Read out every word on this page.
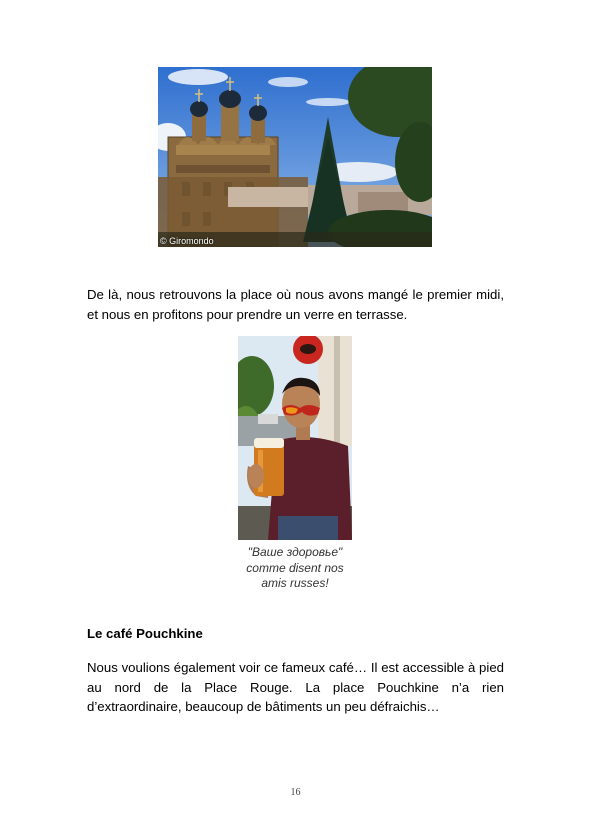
© Giromondo

De là, nous retrouvons la place où nous avons mangé le premier midi, et nous en profitons pour prendre un verre en terrasse.

"Ваше здоровье"
comme disent nos
amis russes!

Le café Pouchkine

Nous voulions également voir ce fameux café… Il est accessible à pied au nord de la Place Rouge. La place Pouchkine n’a rien d’extraordinaire, beaucoup de bâtiments un peu défraichis…

16
